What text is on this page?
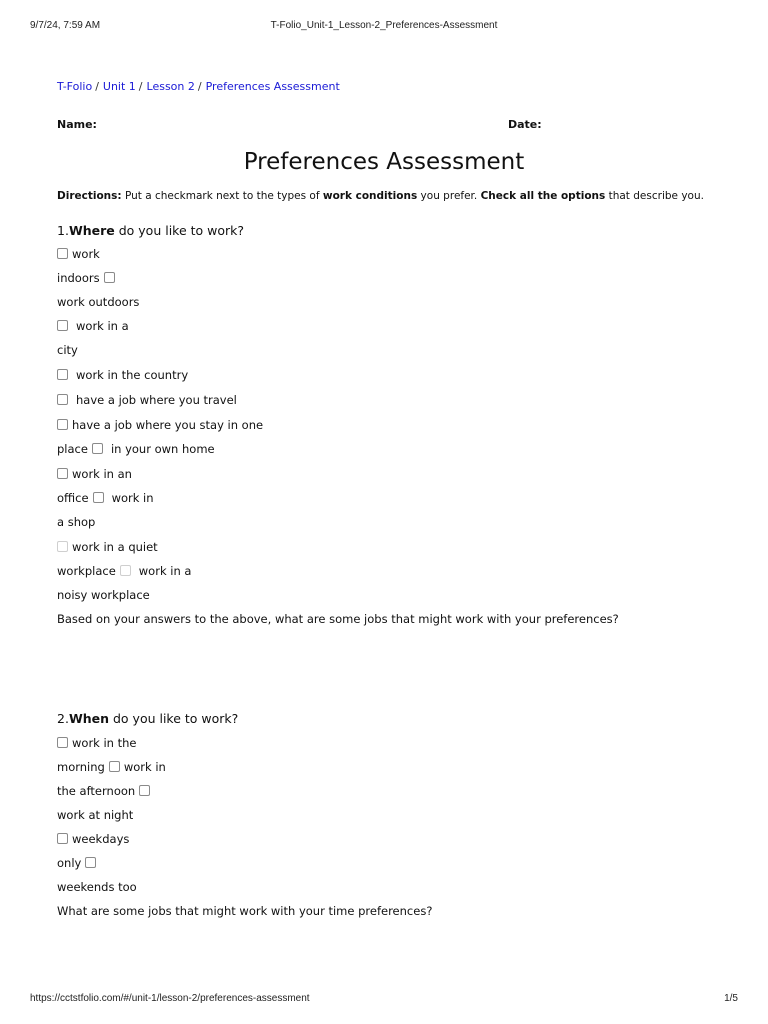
9/7/24, 7:59 AM	T-Folio_Unit-1_Lesson-2_Preferences-Assessment
T-Folio / Unit 1 / Lesson 2 / Preferences Assessment
Name:	Date:
Preferences Assessment
Directions: Put a checkmark next to the types of work conditions you prefer. Check all the options that describe you.
1.Where do you like to work?
work
indoors
work outdoors
work in a
city
work in the country
have a job where you travel
have a job where you stay in one
place in your own home
work in an
office work in
a shop
work in a quiet
workplace work in a
noisy workplace
Based on your answers to the above, what are some jobs that might work with your preferences?
2.When do you like to work?
work in the
morning work in
the afternoon
work at night
weekdays
only
weekends too
What are some jobs that might work with your time preferences?
https://cctstfolio.com/#/unit-1/lesson-2/preferences-assessment	1/5
